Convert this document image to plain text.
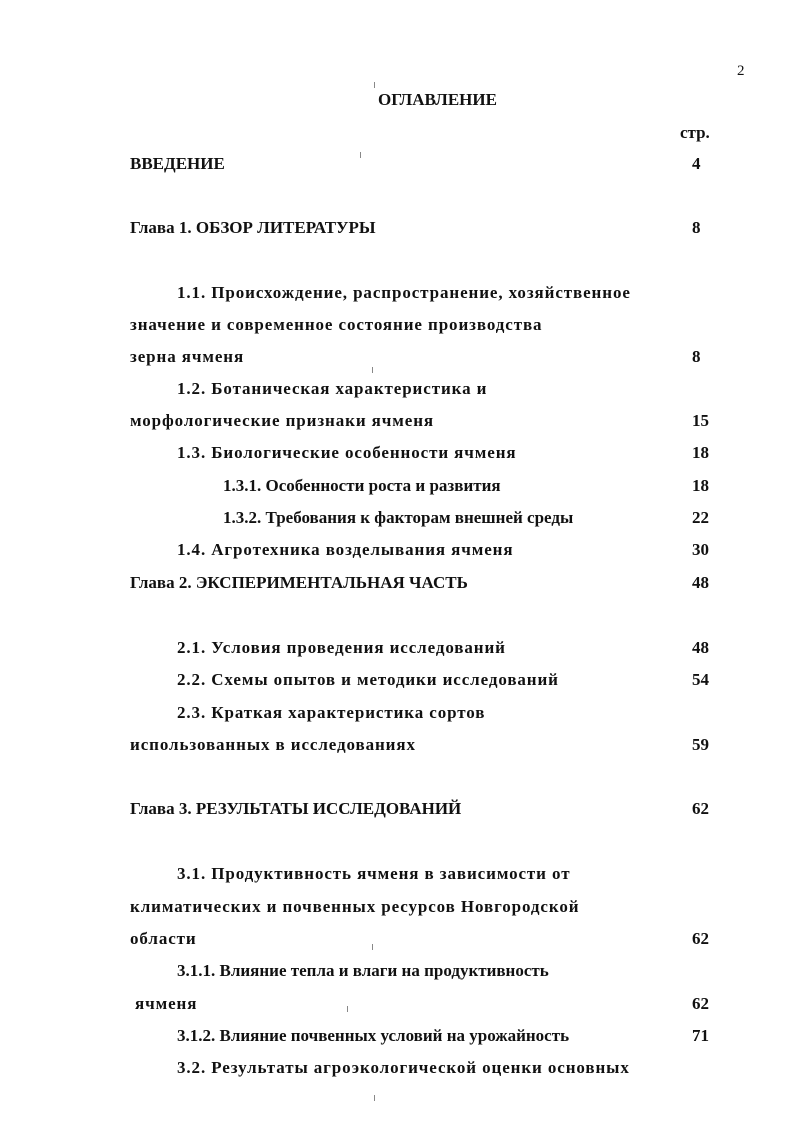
2
ОГЛАВЛЕНИЕ
стр.
ВВЕДЕНИЕ	4
Глава 1. ОБЗОР ЛИТЕРАТУРЫ	8
1.1. Происхождение, распространение, хозяйственное
значение и современное состояние производства
зерна ячменя	8
1.2. Ботаническая характеристика и
морфологические признаки ячменя	15
1.3. Биологические особенности ячменя	18
1.3.1. Особенности роста и развития	18
1.3.2. Требования к факторам внешней среды	22
1.4. Агротехника возделывания ячменя	30
Глава 2. ЭКСПЕРИМЕНТАЛЬНАЯ ЧАСТЬ	48
2.1. Условия проведения исследований	48
2.2. Схемы опытов и методики исследований	54
2.3. Краткая характеристика сортов
использованных в исследованиях	59
Глава 3. РЕЗУЛЬТАТЫ ИССЛЕДОВАНИЙ	62
3.1. Продуктивность ячменя в зависимости от
климатических и почвенных ресурсов Новгородской
области	62
3.1.1. Влияние тепла и влаги на продуктивность
ячменя	62
3.1.2. Влияние почвенных условий на урожайность	71
3.2. Результаты агроэкологической оценки основных
